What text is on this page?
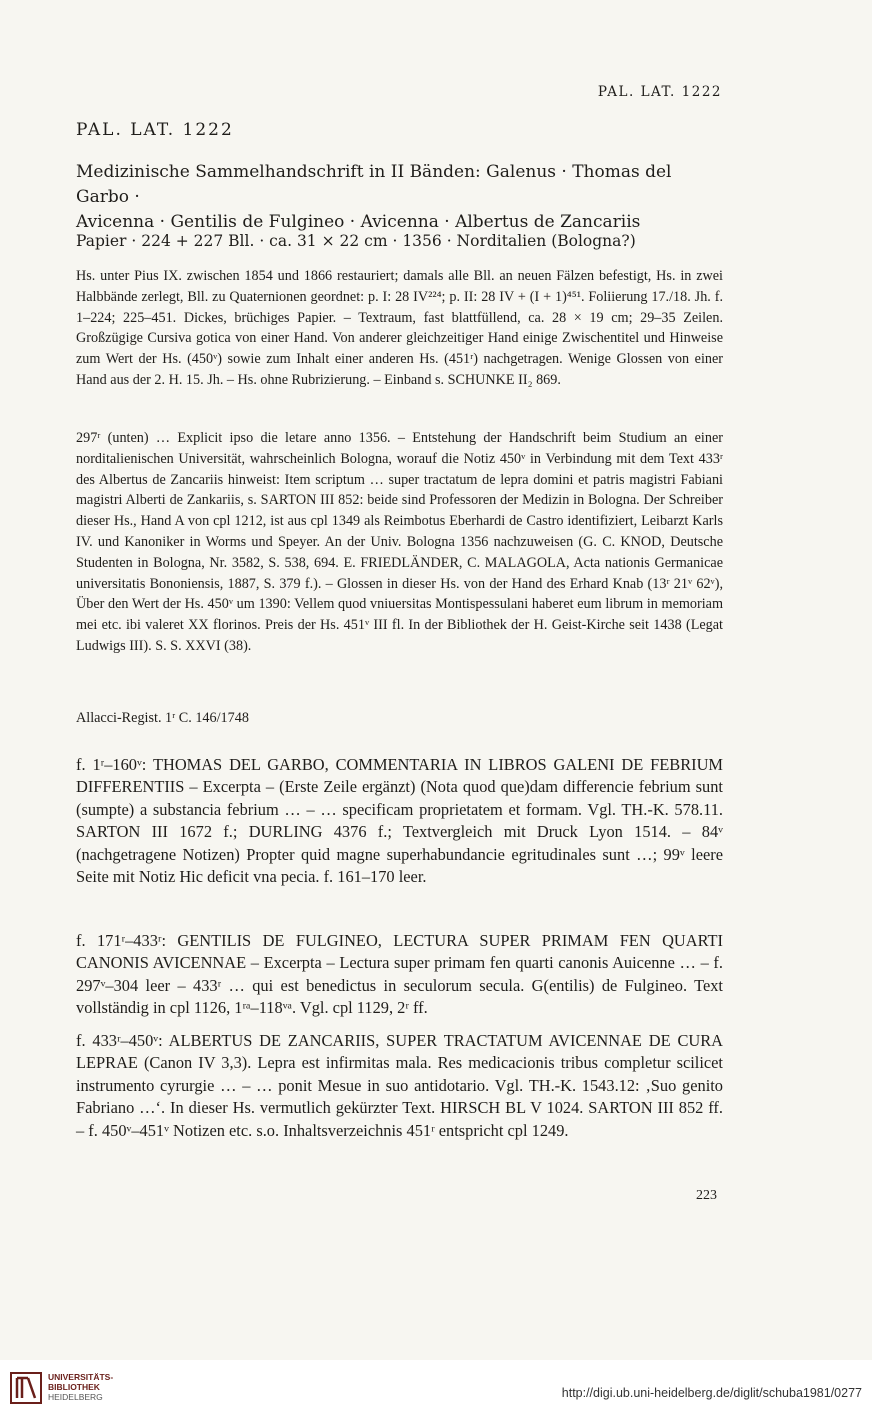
PAL. LAT. 1222
PAL. LAT. 1222
Medizinische Sammelhandschrift in II Bänden: Galenus · Thomas del Garbo ·
Avicenna · Gentilis de Fulgineo · Avicenna · Albertus de Zancariis
Papier · 224 + 227 Bll. · ca. 31 × 22 cm · 1356 · Norditalien (Bologna?)

Hs. unter Pius IX. zwischen 1854 und 1866 restauriert; damals alle Bll. an neuen Fälzen befestigt, Hs. in zwei Halbbände zerlegt, Bll. zu Quaternionen geordnet: p. I: 28 IV²²⁴; p. II: 28 IV + (I + 1)⁴⁵¹. Foliierung 17./18. Jh. f. 1–224; 225–451. Dickes, brüchiges Papier. – Textraum, fast blattfüllend, ca. 28 × 19 cm; 29–35 Zeilen. Großzügige Cursiva gotica von einer Hand. Von anderer gleichzeitiger Hand einige Zwischentitel und Hinweise zum Wert der Hs. (450ᵛ) sowie zum Inhalt einer anderen Hs. (451ʳ) nachgetragen. Wenige Glossen von einer Hand aus der 2. H. 15. Jh. – Hs. ohne Rubrizierung. – Einband s. SCHUNKE II₂ 869.

297ʳ (unten) … Explicit ipso die letare anno 1356. – Entstehung der Handschrift beim Studium an einer norditalienischen Universität, wahrscheinlich Bologna, worauf die Notiz 450ᵛ in Verbindung mit dem Text 433ʳ des Albertus de Zancariis hinweist: Item scriptum … super tractatum de lepra domini et patris magistri Fabiani magistri Alberti de Zankariis, s. SARTON III 852: beide sind Professoren der Medizin in Bologna. Der Schreiber dieser Hs., Hand A von cpl 1212, ist aus cpl 1349 als Reimbotus Eberhardi de Castro identifiziert, Leibarzt Karls IV. und Kanoniker in Worms und Speyer. An der Univ. Bologna 1356 nachzuweisen (G. C. KNOD, Deutsche Studenten in Bologna, Nr. 3582, S. 538, 694. E. FRIEDLÄNDER, C. MALAGOLA, Acta nationis Germanicae universitatis Bononiensis, 1887, S. 379 f.). – Glossen in dieser Hs. von der Hand des Erhard Knab (13ʳ 21ᵛ 62ᵛ), Über den Wert der Hs. 450ᵛ um 1390: Vellem quod vniuersitas Montispessulani haberet eum librum in memoriam mei etc. ibi valeret XX florinos. Preis der Hs. 451ᵛ III fl. In der Bibliothek der H. Geist-Kirche seit 1438 (Legat Ludwigs III). S. S. XXVI (38).

Allacci-Regist. 1ʳ C. 146/1748

f. 1ʳ–160ᵛ: THOMAS DEL GARBO, COMMENTARIA IN LIBROS GALENI DE FEBRIUM DIFFERENTIIS – Excerpta – (Erste Zeile ergänzt) (Nota quod que)dam differencie febrium sunt (sumpte) a substancia febrium … – … specificam proprietatem et formam. Vgl. TH.-K. 578.11. SARTON III 1672 f.; DURLING 4376 f.; Textvergleich mit Druck Lyon 1514. – 84ᵛ (nachgetragene Notizen) Propter quid magne superhabundancie egritudinales sunt …; 99ᵛ leere Seite mit Notiz Hic deficit vna pecia. f. 161–170 leer.

f. 171ʳ–433ʳ: GENTILIS DE FULGINEO, LECTURA SUPER PRIMAM FEN QUARTI CANONIS AVICENNAE – Excerpta – Lectura super primam fen quarti canonis Auicenne … – f. 297ᵛ–304 leer – 433ʳ … qui est benedictus in seculorum secula. G(entilis) de Fulgineo. Text vollständig in cpl 1126, 1ʳᵃ–118ᵛᵃ. Vgl. cpl 1129, 2ʳ ff.

f. 433ʳ–450ᵛ: ALBERTUS DE ZANCARIIS, SUPER TRACTATUM AVICENNAE DE CURA LEPRAE (Canon IV 3,3). Lepra est infirmitas mala. Res medicacionis tribus completur scilicet instrumento cyrurgie … – … ponit Mesue in suo antidotario. Vgl. TH.-K. 1543.12: ‚Suo genito Fabriano …‘. In dieser Hs. vermutlich gekürzter Text. HIRSCH BL V 1024. SARTON III 852 ff. – f. 450ᵛ–451ᵛ Notizen etc. s.o. Inhaltsverzeichnis 451ʳ entspricht cpl 1249.

223
UNIVERSITÄTS-
BIBLIOTHEK
HEIDELBERG	http://digi.ub.uni-heidelberg.de/diglit/schuba1981/0277
